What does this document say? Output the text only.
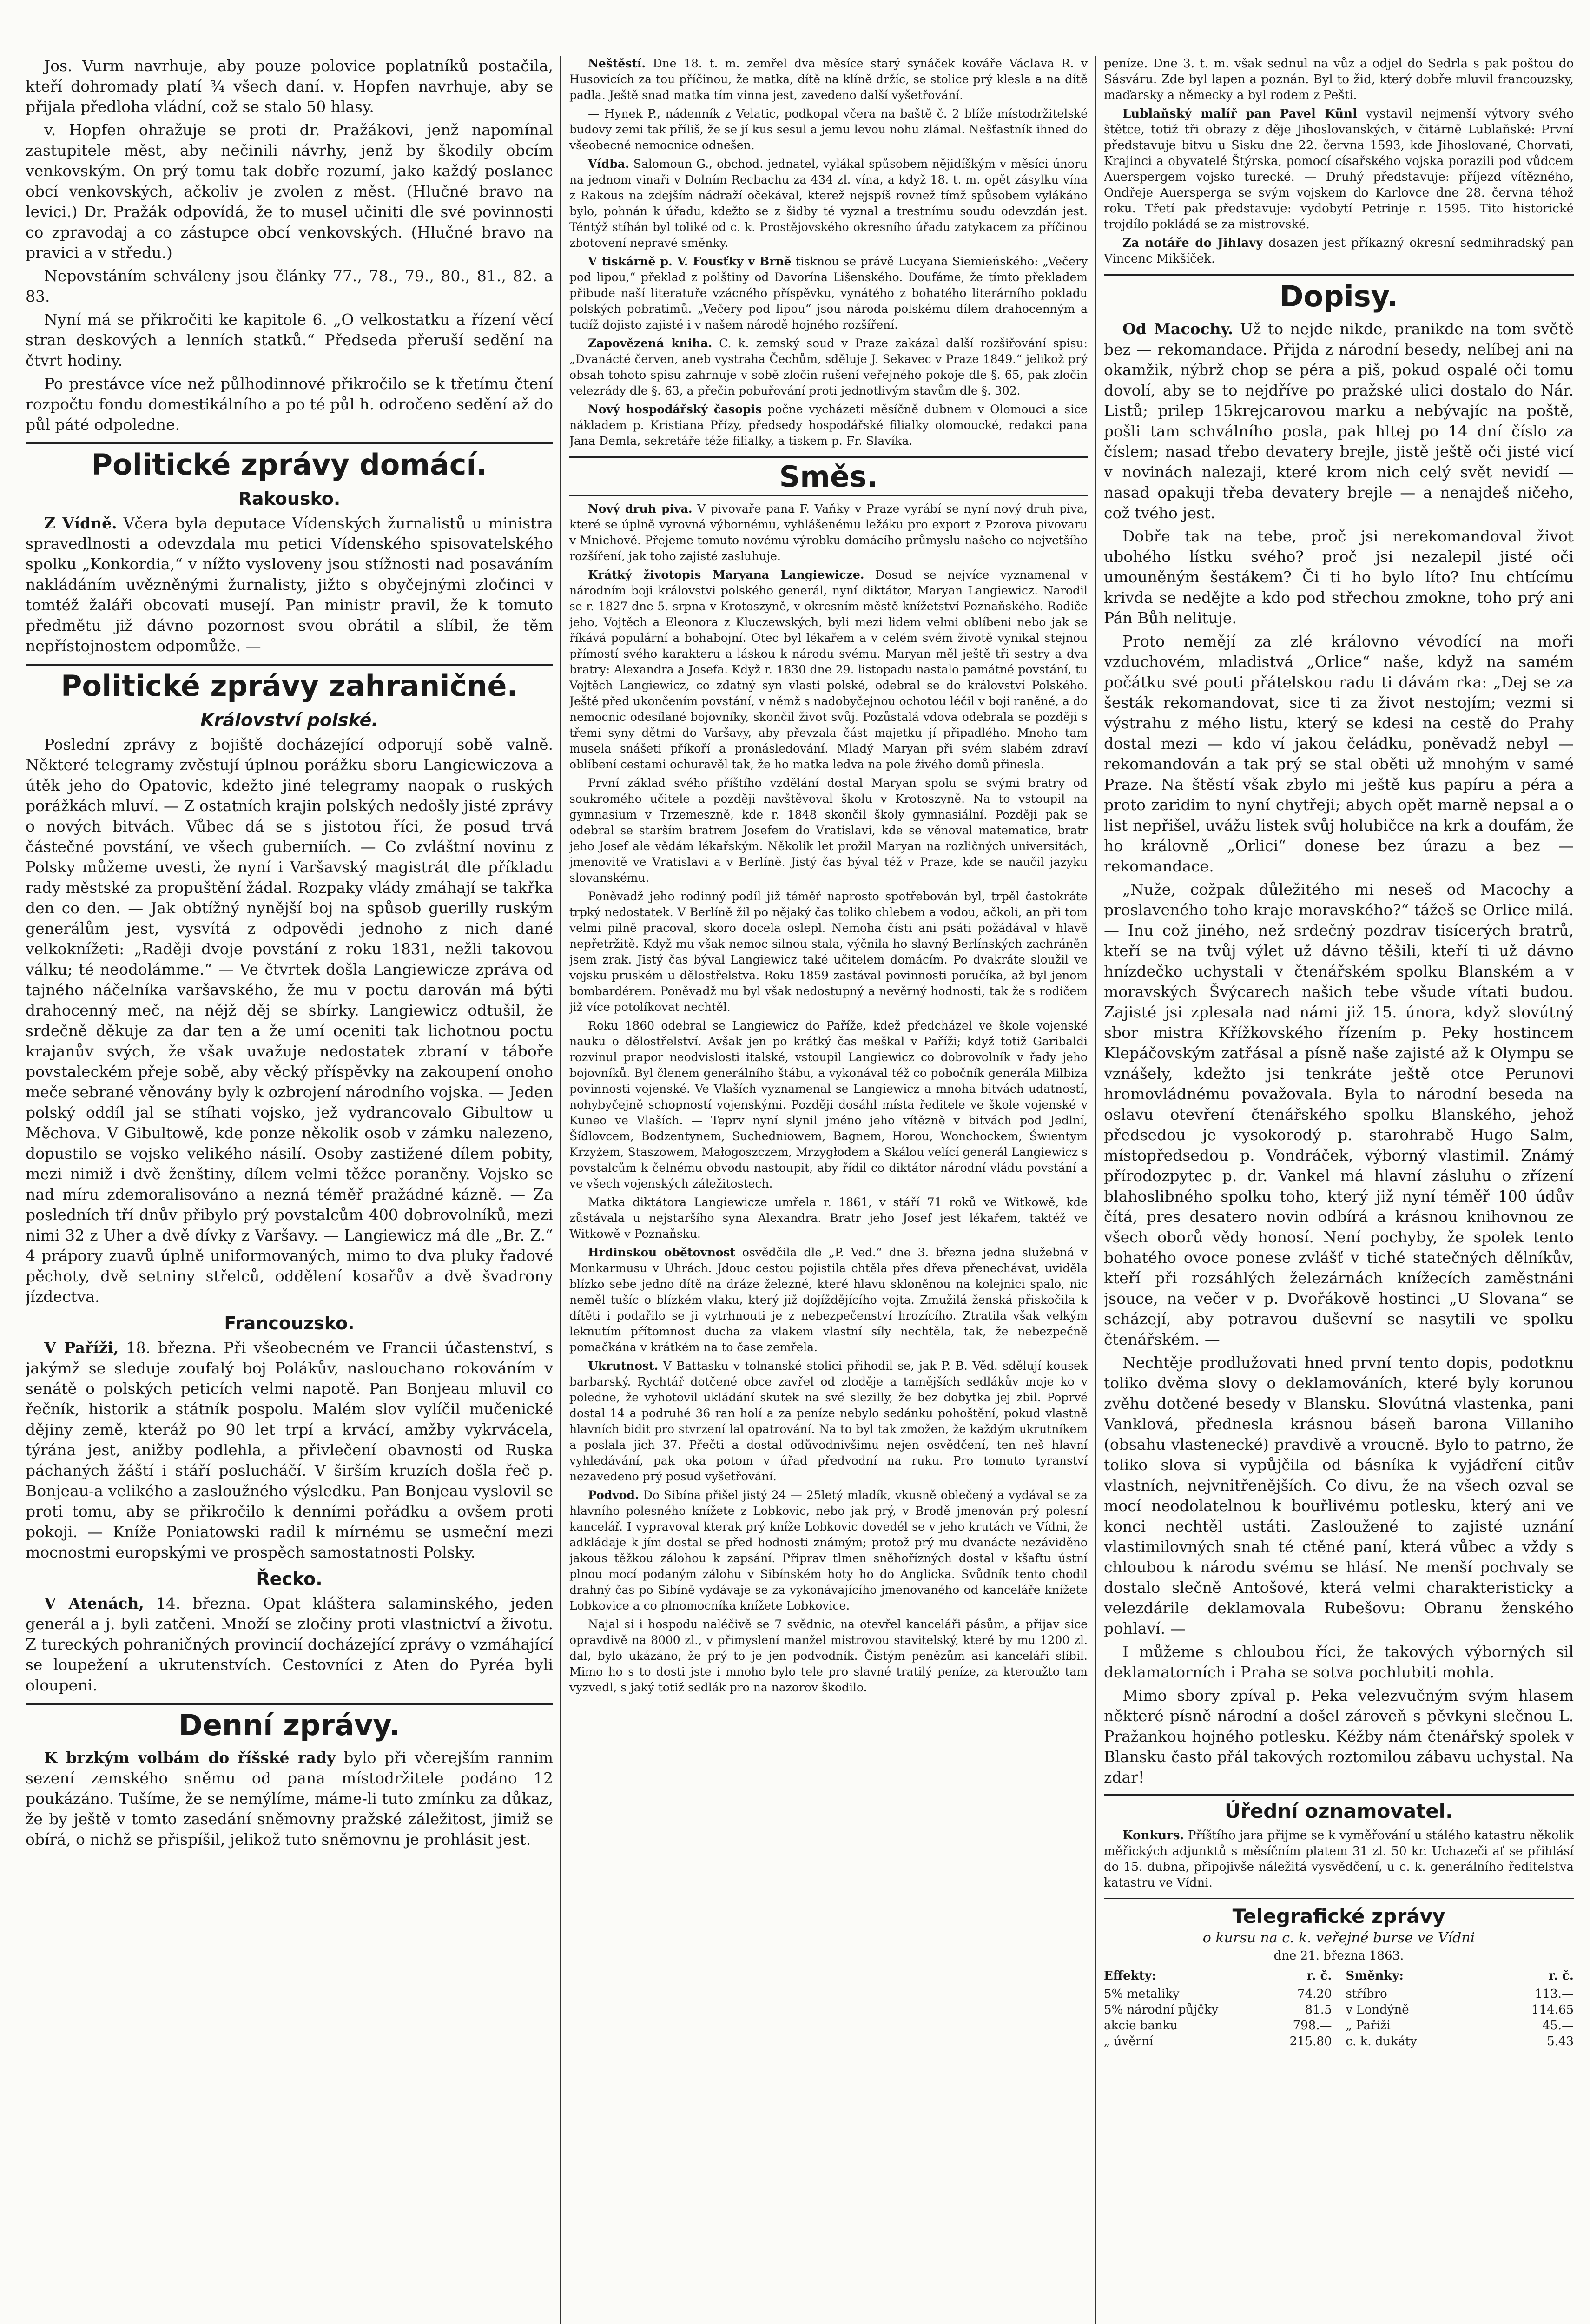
Jos. Vurm navrhuje, aby pouze polovice poplatníků postačila, kteří dohromady platí ¾ všech daní. v. Hopfen navrhuje, aby se přijala předloha vládní, což se stalo 50 hlasy.

v. Hopfen ohražuje se proti dr. Pražákovi, jenž napomínal zastupitele měst, aby nečinili návrhy, jenž by škodily obcím venkovským. On prý tomu tak dobře rozumí, jako každý poslanec obcí venkovských, ačkoliv je zvolen z měst. (Hlučné bravo na levici.) Dr. Pražák odpovídá, že to musel učiniti dle své povinnosti co zpravodaj a co zástupce obcí venkovských. (Hlučné bravo na pravici a v středu.)

Nepovstáním schváleny jsou články 77., 78., 79., 80., 81., 82. a 83.

Nyní má se přikročiti ke kapitole 6. „O velkostatku a řízení věcí stran deskových a lenních statků.“ Předseda přeruší sedění na čtvrt hodiny.

Po prestávce více než půlhodinnové přikročilo se k třetímu čtení rozpočtu fondu domestikálního a po té půl h. odročeno sedění až do půl páté odpoledne.

Politické zprávy domácí.
Rakousko.

Z Vídně. Včera byla deputace Vídenských žurnalistů u ministra spravedlnosti a odevzdala mu petici Vídenského spisovatelského spolku „Konkordia,“ v nížto vysloveny jsou stížnosti nad posaváním nakládáním uvězněnými žurnalisty, jižto s obyčejnými zločinci v tomtéž žaláři obcovati musejí. Pan ministr pravil, že k tomuto předmětu již dávno pozornost svou obrátil a slíbil, že těm nepřístojnostem odpomůže. —

Politické zprávy zahraničné.
Království polské.

Poslední zprávy z bojiště docházející odporují sobě valně. Některé telegramy zvěstují úplnou porážku sboru Langiewiczova a útěk jeho do Opatovic, kdežto jiné telegramy naopak o ruských porážkách mluví. — Z ostatních krajin polských nedošly jisté zprávy o nových bitvách. Vůbec dá se s jistotou říci, že posud trvá částečné povstání, ve všech guberniích. — Co zvláštní novinu z Polsky můžeme uvesti, že nyní i Varšavský magistrát dle příkladu rady městské za propuštění žádal. Rozpaky vlády zmáhají se takřka den co den. — Jak obtížný nynější boj na spůsob guerilly ruským generálům jest, vysvítá z odpovědi jednoho z nich dané velkoknížeti: „Raději dvoje povstání z roku 1831, nežli takovou válku; té neodolámme.“ — Ve čtvrtek došla Langiewicze zpráva od tajného náčelníka varšavského, že mu v poctu darován má býti drahocenný meč, na nějž děj se sbírky. Langiewicz odtušil, že srdečně děkuje za dar ten a že umí oceniti tak lichotnou poctu krajanův svých, že však uvažuje nedostatek zbraní v táboře povstaleckém přeje sobě, aby věcký příspěvky na zakoupení onoho meče sebrané věnovány byly k ozbrojení národního vojska. — Jeden polský oddíl jal se stíhati vojsko, jež vydrancovalo Gibultow u Měchova. V Gibultowě, kde ponze několik osob v zámku nalezeno, dopustilo se vojsko velikého násilí. Osoby zastižené dílem pobity, mezi nimiž i dvě ženštiny, dílem velmi těžce poraněny. Vojsko se nad míru zdemoralisováno a nezná téměř pražádné kázně. — Za posledních tří dnův přibylo prý povstalcům 400 dobrovolníků, mezi nimi 32 z Uher a dvě dívky z Varšavy. — Langiewicz má dle „Br. Z.“ 4 prápory zuavů úplně uniformovaných, mimo to dva pluky řadové pěchoty, dvě setniny střelců, oddělení kosařův a dvě švadrony jízdectva.

Francouzsko.

V Paříži, 18. března. Při všeobecném ve Francii účastenství, s jakýmž se sleduje zoufalý boj Polákův, naslouchano rokováním v senátě o polských peticích velmi napotě. Pan Bonjeau mluvil co řečník, historik a státník pospolu. Malém slov vylíčil mučenické dějiny země, kteráž po 90 let trpí a krvácí, amžby vykrvácela, týrána jest, anižby podlehla, a přivlečení obavnosti od Ruska páchaných žáští i stáří poslucháčí. V širším kruzích došla řeč p. Bonjeau-a velikého a zasloužného výsledku. Pan Bonjeau vyslovil se proti tomu, aby se přikročilo k denními pořádku a ovšem proti pokoji. — Kníže Poniatowski radil k mírnému se usmeční mezi mocnostmi europskými ve prospěch samostatnosti Polsky.

Řecko.

V Atenách, 14. března. Opat kláštera salaminského, jeden generál a j. byli zatčeni. Množí se zločiny proti vlastnictví a životu. Z tureckých pohraničných provincií docházející zprávy o vzmáhající se loupežení a ukrutenstvích. Cestovníci z Aten do Pyréa byli oloupeni.

Denní zprávy.

K brzkým volbám do říšské rady bylo při včerejším rannim sezení zemského sněmu od pana místodržitele podáno 12 poukázáno. Tušíme, že se nemýlíme, máme-li tuto zmínku za důkaz, že by ještě v tomto zasedání sněmovny pražské záležitost, jimiž se obírá, o nichž se přispíšil, jelikož tuto sněmovnu je prohlásit jest.

Neštěstí. Dne 18. t. m. zemřel dva měsíce starý synáček kováře Václava R. v Husovicích za tou příčinou, že matka, dítě na klíně držíc, se stolice prý klesla a na dítě padla. Ještě snad matka tím vinna jest, zavedeno další vyšetřování.

— Hynek P., nádenník z Velatic, podkopal včera na baště č. 2 blíže místodržitelské budovy zemi tak příliš, že se jí kus sesul a jemu levou nohu zlámal. Nešťastník ihned do všeobecné nemocnice odnešen.

Vídba. Salomoun G., obchod. jednatel, vylákal spůsobem nějidíškým v měsíci únoru na jednom vinaři v Dolním Recbachu za 434 zl. vína, a když 18. t. m. opět zásylku vína z Rakous na zdejším nádraží očekával, kterež nejspíš rovnež tímž spůsobem vylákáno bylo, pohnán k úřadu, kdežto se z šidby té vyznal a trestnímu soudu odevzdán jest. Téntýž stíhán byl toliké od c. k. Prostějovského okresního úřadu zatykacem za příčinou zbotovení nepravé směnky.

V tiskárně p. V. Fousťky v Brně tisknou se právě Lucyana Siemieńského: „Večery pod lipou,“ překlad z polštiny od Davorína Lišenského. Doufáme, že tímto překladem přibude naší literatuře vzácného příspěvku, vynátého z bohatého literárního pokladu polských pobratimů. „Večery pod lipou“ jsou národa polskému dílem drahocenným a tudíž dojisto zajisté i v našem národě hojného rozšíření.

Zapovězená kniha. C. k. zemský soud v Praze zakázal další rozšiřování spisu: „Dvanácté červen, aneb vystraha Čechům, sděluje J. Sekavec v Praze 1849.“ jelikož prý obsah tohoto spisu zahrnuje v sobě zločin rušení veřejného pokoje dle §. 65, pak zločin velezrády dle §. 63, a přečin pobuřování proti jednotlivým stavům dle §. 302.

Nový hospodářský časopis počne vycházeti měsíčně dubnem v Olomouci a sice nákladem p. Kristiana Přízy, předsedy hospodářské filialky olomoucké, redakci pana Jana Demla, sekretáře téže filialky, a tiskem p. Fr. Slavíka.

Směs.

Nový druh piva. V pivovaře pana F. Vaňky v Praze vyrábí se nyní nový druh piva, které se úplně vyrovná výbornému, vyhlášenému ležáku pro export z Pzorova pivovaru v Mnichově. Přejeme tomuto novému výrobku domácího průmyslu našeho co nejvetšího rozšíření, jak toho zajisté zasluhuje.

Krátký životopis Maryana Langiewicze. Dosud se nejvíce vyznamenal v národním boji královstvi polského generál, nyní diktátor, Maryan Langiewicz. Narodil se r. 1827 dne 5. srpna v Krotoszyně, v okresním městě knížetství Poznaňského. Rodiče jeho, Vojtěch a Eleonora z Kluczewských, byli mezi lidem velmi oblíbeni nebo jak se říkává populární a bohabojní. Otec byl lékařem a v celém svém životě vynikal stejnou přímostí svého karakteru a láskou k národu svému. Maryan měl ještě tři sestry a dva bratry: Alexandra a Josefa. Když r. 1830 dne 29. listopadu nastalo památné povstání, tu Vojtěch Langiewicz, co zdatný syn vlasti polské, odebral se do království Polského. Ještě před ukončením povstání, v němž s nadobyčejnou ochotou léčil v boji raněné, a do nemocnic odesílané bojovníky, skončil život svůj. Pozůstalá vdova odebrala se později s třemi syny dětmi do Varšavy, aby převzala část majetku jí připadlého. Mnoho tam musela snášeti příkoří a pronásledování. Mladý Maryan při svém slabém zdraví oblíbení cestami ochuravěl tak, že ho matka ledva na pole živého domů přinesla.

První základ svého příštího vzdělání dostal Maryan spolu se svými bratry od soukromého učitele a později navštěvoval školu v Krotoszyně. Na to vstoupil na gymnasium v Trzemeszně, kde r. 1848 skončil školy gymnasiální. Později pak se odebral se starším bratrem Josefem do Vratislavi, kde se věnoval matematice, bratr jeho Josef ale vědám lékařským. Několik let prožil Maryan na rozličných universitách, jmenovitě ve Vratislavi a v Berlíně. Jistý čas býval též v Praze, kde se naučil jazyku slovanskému.

Poněvadž jeho rodinný podíl již téměř naprosto spotřebován byl, trpěl častokráte trpký nedostatek. V Berlíně žil po nějaký čas toliko chlebem a vodou, ačkoli, an při tom velmi pilně pracoval, skoro docela oslepl. Nemoha čísti ani psáti požádával v hlavě nepřetržitě. Když mu však nemoc silnou stala, výčnila ho slavný Berlínských zachráněn jsem zrak. Jistý čas býval Langiewicz také učitelem domácím. Po dvakráte sloužil ve vojsku pruském u dělostřelstva. Roku 1859 zastával povinnosti poručíka, až byl jenom bombardérem. Poněvadž mu byl však nedostupný a nevěrný hodnosti, tak že s rodičem již více potolíkovat nechtěl.

Roku 1860 odebral se Langiewicz do Paříže, kdež předcházel ve škole vojenské nauku o dělostřelství. Avšak jen po krátký čas meškal v Paříži; když totiž Garibaldi rozvinul prapor neodvislosti italské, vstoupil Langiewicz co dobrovolník v řady jeho bojovníků. Byl členem generálního štábu, a vykonával též co pobočník generála Milbiza povinnosti vojenské. Ve Vlaších vyznamenal se Langiewicz a mnoha bitvách udatností, nohybyčejně schopností vojenskými. Později dosáhl místa ředitele ve škole vojenské v Kuneo ve Vlaších. — Teprv nyní slynil jméno jeho vítězně v bitvách pod Jedlní, Šídlovcem, Bodzentynem, Suchedniowem, Bagnem, Horou, Wonchockem, Świentym Krzyżem, Staszowem, Małogoszczem, Mrzygłodem a Skálou velící generál Langiewicz s povstalcům k čelnému obvodu nastoupit, aby řídil co diktátor národní vládu povstání a ve všech vojenských záležitostech.

Matka diktátora Langiewicze umřela r. 1861, v stáří 71 roků ve Witkowě, kde zůstávala u nejstaršího syna Alexandra. Bratr jeho Josef jest lékařem, taktéž ve Witkowě v Poznaňsku.

Hrdinskou obětovnost osvědčila dle „P. Ved.“ dne 3. března jedna služebná v Monkarmusu v Uhrách. Jdouc cestou pojistila chtěla přes dřeva přenechávat, uviděla blízko sebe jedno dítě na dráze železné, které hlavu skloněnou na kolejnici spalo, nic neměl tušíc o blízkém vlaku, který již dojíždějícího vojta. Zmužilá ženská přiskočila k dítěti i podařilo se ji vytrhnouti je z nebezpečenství hrozícího. Ztratila však velkým leknutím přítomnost ducha za vlakem vlastní síly nechtěla, tak, že nebezpečně pomačkána v krátkém na to čase zemřela.

Ukrutnost. V Battasku v tolnanské stolici přihodil se, jak P. B. Věd. sdělují kousek barbarský. Rychtář dotčené obce zavřel od zloděje a tamějších sedlákův moje ko v poledne, že vyhotovil ukládání skutek na své slezilly, že bez dobytka jej zbil. Poprvé dostal 14 a podruhé 36 ran holí a za peníze nebylo sedánku pohoštění, pokud vlastně hlavních bidit pro stvrzení lal opatrování. Na to byl tak zmožen, že každým ukrutníkem a poslala jich 37. Přečti a dostal odůvodnivšimu nejen osvědčení, ten neš hlavní vyhledávání, pak oka potom v úřad předvodní na ruku. Pro tomuto tyranství nezavedeno prý posud vyšetřování.

Podvod. Do Sibína přišel jistý 24 — 25letý mladík, vkusně oblečený a vydával se za hlavního polesného knížete z Lobkovic, nebo jak prý, v Brodě jmenován prý polesní kancelář. I vypravoval kterak prý kníže Lobkovic dovedél se v jeho krutách ve Vídni, že adkládaje k jím dostal se před hodnosti známým; protož prý mu dvanácte nezáviděno jakous těžkou zálohou k zapsání. Připrav tlmen sněhořízných dostal v kšaftu ústní plnou mocí podaným zálohu v Sibínském hoty ho do Anglicka. Svůdník tento chodil drahný čas po Sibíně vydávaje se za vykonávajícího jmenovaného od kanceláře knížete Lobkovice a co plnomocníka knížete Lobkovice.

Najal si i hospodu naléčivě se 7 svědnic, na otevřel kanceláři pásům, a přijav sice opravdivě na 8000 zl., v přimyslení manžel mistrovou stavitelský, které by mu 1200 zl. dal, bylo ukázáno, že prý to je jen podvodník. Čistým penězům asi kanceláři slíbil. Mimo ho s to dosti jste i mnoho bylo tele pro slavné tratilý peníze, za kteroužto tam vyzvedl, s jaký totiž sedlák pro na nazorov škodilo.

peníze. Dne 3. t. m. však sednul na vůz a odjel do Sedrla s pak poštou do Sásváru. Zde byl lapen a poznán. Byl to žid, který dobře mluvil francouzsky, maďarsky a německy a byl rodem z Pešti.

Lublaňský malíř pan Pavel Künl vystavil nejmenší výtvory svého štětce, totiž tři obrazy z děje Jihoslovanských, v čitárně Lublaňské: První představuje bitvu u Sisku dne 22. června 1593, kde Jihoslované, Chorvati, Krajinci a obyvatelé Štýrska, pomocí císařského vojska porazili pod vůdcem Auerspergem vojsko turecké. — Druhý představuje: příjezd vítězného, Ondřeje Auersperga se svým vojskem do Karlovce dne 28. června téhož roku. Třetí pak představuje: vydobytí Petrinje r. 1595. Tito historické trojdílo pokládá se za mistrovské.

Za notáře do Jihlavy dosazen jest příkazný okresní sedmihradský pan Vincenc Mikšíček.

Dopisy.

Od Macochy. Už to nejde nikde, pranikde na tom světě bez — rekomandace. Přijda z národní besedy, nelíbej ani na okamžik, nýbrž chop se péra a piš, pokud ospalé oči tomu dovolí, aby se to nejdříve po pražské ulici dostalo do Nár. Listů; prilep 15krejcarovou marku a nebývajíc na poště, pošli tam schválního posla, pak hltej po 14 dní číslo za číslem; nasad třebo devatery brejle, jistě ještě oči jisté vicí v novinách nalezaji, které krom nich celý svět nevidí — nasad opakuji třeba devatery brejle — a nenajdeš ničeho, což tvého jest.

Dobře tak na tebe, proč jsi nerekomandoval život ubohého lístku svého? proč jsi nezalepil jisté oči umouněným šestákem? Či ti ho bylo líto? Inu chtícímu krivda se nedějte a kdo pod střechou zmokne, toho prý ani Pán Bůh nelituje.

Proto nemějí za zlé královno vévodící na moři vzduchovém, mladistvá „Orlice“ naše, když na samém počátku své pouti přátelskou radu ti dávám rka: „Dej se za šesták rekomandovat, sice ti za život nestojím; vezmi si výstrahu z mého listu, který se kdesi na cestě do Prahy dostal mezi — kdo ví jakou čeládku, poněvadž nebyl — rekomandován a tak prý se stal oběti už mnohým v samé Praze. Na štěstí však zbylo mi ještě kus papíru a péra a proto zaridim to nyní chytřeji; abych opět marně nepsal a o list nepřišel, uvážu listek svůj holubičce na krk a doufám, že ho královně „Orlici“ donese bez úrazu a bez — rekomandace.

„Nuže, cožpak důležitého mi neseš od Macochy a proslaveného toho kraje moravského?“ tážeš se Orlice milá. — Inu což jiného, než srdečný pozdrav tisícerých bratrů, kteří se na tvůj výlet už dávno těšili, kteří ti už dávno hnízdečko uchystali v čtenářském spolku Blanském a v moravských Švýcarech našich tebe všude vítati budou. Zajisté jsi zplesala nad námi již 15. února, když slovútný sbor mistra Křížkovského řízením p. Peky hostincem Klepáčovským zatřásal a písně naše zajisté až k Olympu se vznášely, kdežto jsi tenkráte ještě otce Perunovi hromovládnému považovala. Byla to národní beseda na oslavu otevření čtenářského spolku Blanského, jehož předsedou je vysokorodý p. starohrabě Hugo Salm, místopředsedou p. Vondráček, výborný vlastimil. Známý přírodozpytec p. dr. Vankel má hlavní zásluhu o zřízení blahoslibného spolku toho, který již nyní téměř 100 údův čítá, pres desatero novin odbírá a krásnou knihovnou ze všech oborů vědy honosí. Není pochyby, že spolek tento bohatého ovoce ponese zvlášť v tiché statečných dělníkův, kteří při rozsáhlých železárnách knížecích zaměstnáni jsouce, na večer v p. Dvořákově hostinci „U Slovana“ se scházejí, aby potravou duševní se nasytili ve spolku čtenářském. —

Nechtěje prodlužovati hned první tento dopis, podotknu toliko dvěma slovy o deklamováních, které byly korunou zvěhu dotčené besedy v Blansku. Slovútná vlastenka, pani Vanklová, přednesla krásnou báseň barona Villaniho (obsahu vlastenecké) pravdivě a vroucně. Bylo to patrno, že toliko slova si vypůjčila od básníka k vyjádření citův vlastních, nejvnitřenějších. Co divu, že na všech ozval se mocí neodolatelnou k bouřlivému potlesku, který ani ve konci nechtěl ustáti. Zasloužené to zajisté uznání vlastimilovných snah té ctěné paní, která vůbec a vždy s chloubou k národu svému se hlásí. Ne menší pochvaly se dostalo slečně Antošové, která velmi charakteristicky a velezdárile deklamovala Rubešovu: Obranu ženského pohlaví. —

I můžeme s chloubou říci, že takových výborných sil deklamatorních i Praha se sotva pochlubiti mohla.

Mimo sbory zpíval p. Peka velezvučným svým hlasem některé písně národní a došel zároveň s pěvkyni slečnou L. Pražankou hojného potlesku. Kéžby nám čtenářský spolek v Blansku často přál takových roztomilou zábavu uchystal. Na zdar!

Úřední oznamovatel.

Konkurs. Příštího jara přijme se k vyměřování u stálého katastru několik měřických adjunktů s měsíčním platem 31 zl. 50 kr. Uchazeči ať se přihlásí do 15. dubna, připojivše náležitá vysvědčení, u c. k. generálního ředitelstva katastru ve Vídni.

Telegrafické zprávy
o kursu na c. k. veřejné burse ve Vídni
dne 21. března 1863.
Effekty:	r. č.
5% metaliky	74.20
5% národní půjčky	81.5
akcie banku	798.—
„ úvěrní	215.80
Směnky:	r. č.
stříbro	113.—
v Londýně	114.65
„ Paříži	45.—
c. k. dukáty	5.43
